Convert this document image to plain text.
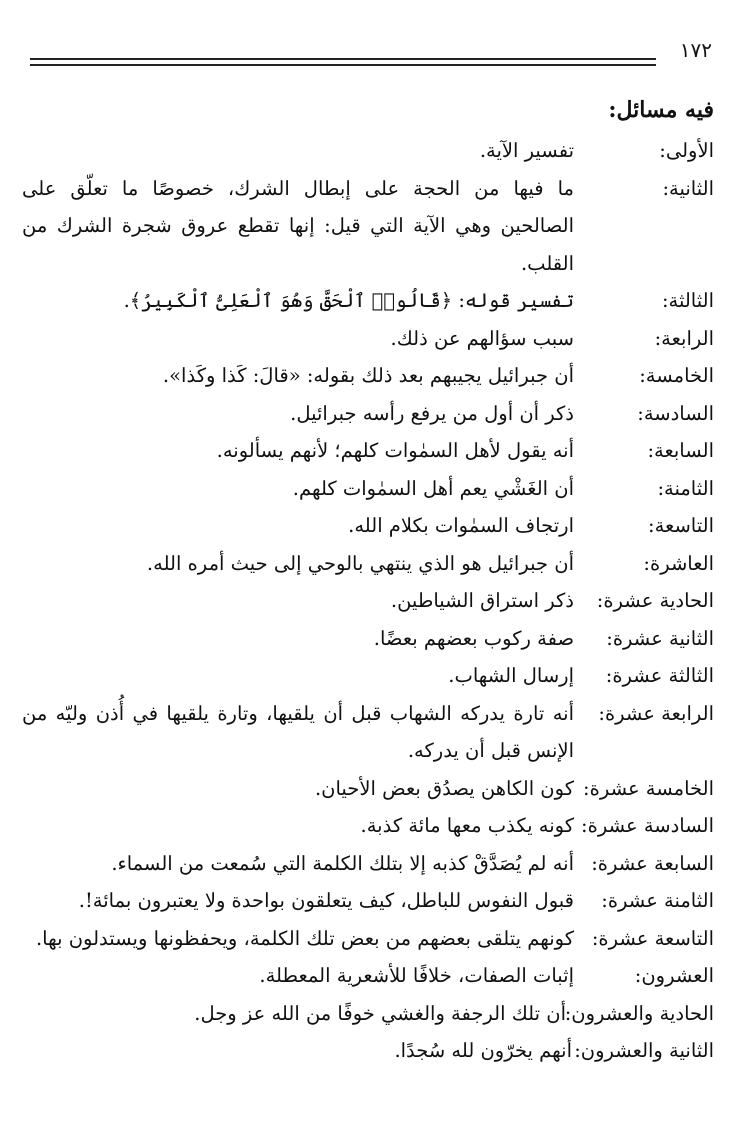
١٧٢
فيه مسائل:
الأولى:
تفسير الآية.
الثانية:
ما فيها من الحجة على إبطال الشرك، خصوصًا ما تعلّق على الصالحين وهي الآية التي قيل: إنها تقطع عروق شجرة الشرك من القلب.
الثالثة:
تفسير قوله: ﴿قَالُوا۟ ٱلْحَقَّ وَهُوَ ٱلْعَلِىُّ ٱلْكَبِيرُ﴾.
الرابعة:
سبب سؤالهم عن ذلك.
الخامسة:
أن جبرائيل يجيبهم بعد ذلك بقوله: «قالَ: كَذا وكَذا».
السادسة:
ذكر أن أول من يرفع رأسه جبرائيل.
السابعة:
أنه يقول لأهل السمٰوات كلهم؛ لأنهم يسألونه.
الثامنة:
أن الغَشْي يعم أهل السمٰوات كلهم.
التاسعة:
ارتجاف السمٰوات بكلام الله.
العاشرة:
أن جبرائيل هو الذي ينتهي بالوحي إلى حيث أمره الله.
الحادية عشرة:
ذكر استراق الشياطين.
الثانية عشرة:
صفة ركوب بعضهم بعضًا.
الثالثة عشرة:
إرسال الشهاب.
الرابعة عشرة:
أنه تارة يدركه الشهاب قبل أن يلقيها، وتارة يلقيها في أُذن وليّه من الإنس قبل أن يدركه.
الخامسة عشرة:
كون الكاهن يصدُق بعض الأحيان.
السادسة عشرة:
كونه يكذب معها مائة كذبة.
السابعة عشرة:
أنه لم يُصَدَّقْ كذبه إلا بتلك الكلمة التي سُمعت من السماء.
الثامنة عشرة:
قبول النفوس للباطل، كيف يتعلقون بواحدة ولا يعتبرون بمائة!.
التاسعة عشرة:
كونهم يتلقى بعضهم من بعض تلك الكلمة، ويحفظونها ويستدلون بها.
العشرون:
إثبات الصفات، خلافًا للأشعرية المعطلة.
الحادية والعشرون:
أن تلك الرجفة والغشي خوفًا من الله عز وجل.
الثانية والعشرون:
أنهم يخرّون لله سُجدًا.
